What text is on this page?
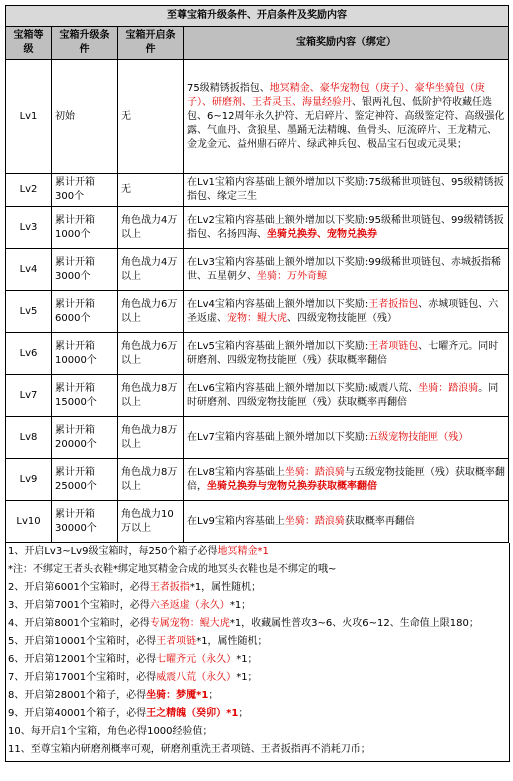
至尊宝箱升级条件、开启条件及奖励内容			
宝箱等级	宝箱升级条件	宝箱开启条件	宝箱奖励内容（绑定）
Lv1	初始	无	75级精锈扳指包、地冥精金、豪华宠物包（庚子）、豪华坐骑包（庚子）、研磨剂、王者灵玉、海量经验丹、银两礼包、低阶护符收藏任选包、6~12周年永久护符、无启碎片、鉴定神符、高级鉴定符、高级强化露、气血丹、贪狼星、墨踊无法精魄、鱼骨头、厄流碎片、王龙精元、金龙金元、益州鼎石碎片、绿武神兵包、极品宝石包或元灵果；
Lv2	累计开箱300个	无	在Lv1宝箱内容基础上额外增加以下奖励:75级稀世项链包、95级精锈扳指包、缘定三生
Lv3	累计开箱1000个	角色战力4万以上	在Lv2宝箱内容基础上额外增加以下奖励:95级稀世项链包、99级精锈扳指包、名扬四海、坐骑兑换券、宠物兑换券
Lv4	累计开箱3000个	角色战力4万以上	在Lv3宝箱内容基础上额外增加以下奖励:99级稀世项链包、赤城扳指稀世、五星朝夕、坐骑：万外奇鲸
Lv5	累计开箱6000个	角色战力6万以上	在Lv4宝箱内容基础上额外增加以下奖励:王者扳指包、赤城项链包、六圣返虚、宠物：鲲大虎、四级宠物技能匣（残）
Lv6	累计开箱10000个	角色战力6万以上	在Lv5宝箱内容基础上额外增加以下奖励:王者项链包、七曜齐元。同时研磨剂、四级宠物技能匣（残）获取概率翻倍
Lv7	累计开箱15000个	角色战力8万以上	在Lv6宝箱内容基础上额外增加以下奖励:威震八荒、坐骑：踏浪骑。同时研磨剂、四级宠物技能匣（残）获取概率再翻倍
Lv8	累计开箱20000个	角色战力8万以上	在Lv7宝箱内容基础上额外增加以下奖励:五级宠物技能匣（残）
Lv9	累计开箱25000个	角色战力8万以上	在Lv8宝箱内容基础上坐骑：踏浪骑与五级宠物技能匣（残）获取概率翻倍，坐骑兑换券与宠物兑换券获取概率翻倍
Lv10	累计开箱30000个	角色战力10万以上	在Lv9宝箱内容基础上坐骑：踏浪骑获取概率再翻倍
1、开启Lv3~Lv9级宝箱时，每250个箱子必得地冥精金*1
*注：不绑定王者头衣鞋*绑定地冥精金合成的地冥头衣鞋也是不绑定的哦~
2、开启第6001个宝箱时，必得王者扳指*1，属性随机；
3、开启第7001个宝箱时，必得六圣返虚（永久）*1；
4、开启第8001个宝箱时，必得专属宠物：鲲大虎*1，收藏属性普攻3~6、火攻6~12、生命值上限180；
5、开启第10001个宝箱时，必得王者项链*1，属性随机；
6、开启第12001个宝箱时，必得七曜齐元（永久）*1；
7、开启第17001个宝箱时，必得威震八荒（永久）*1；
8、开启第28001个箱子，必得坐骑：梦魇*1；
9、开启第40001个箱子，必得王之精魄（癸卯）*1；
10、每开启1个宝箱，角色必得1000经验值；
11、至尊宝箱内研磨剂概率可观，研磨剂重洗王者项链、王者扳指再不消耗刀币；
